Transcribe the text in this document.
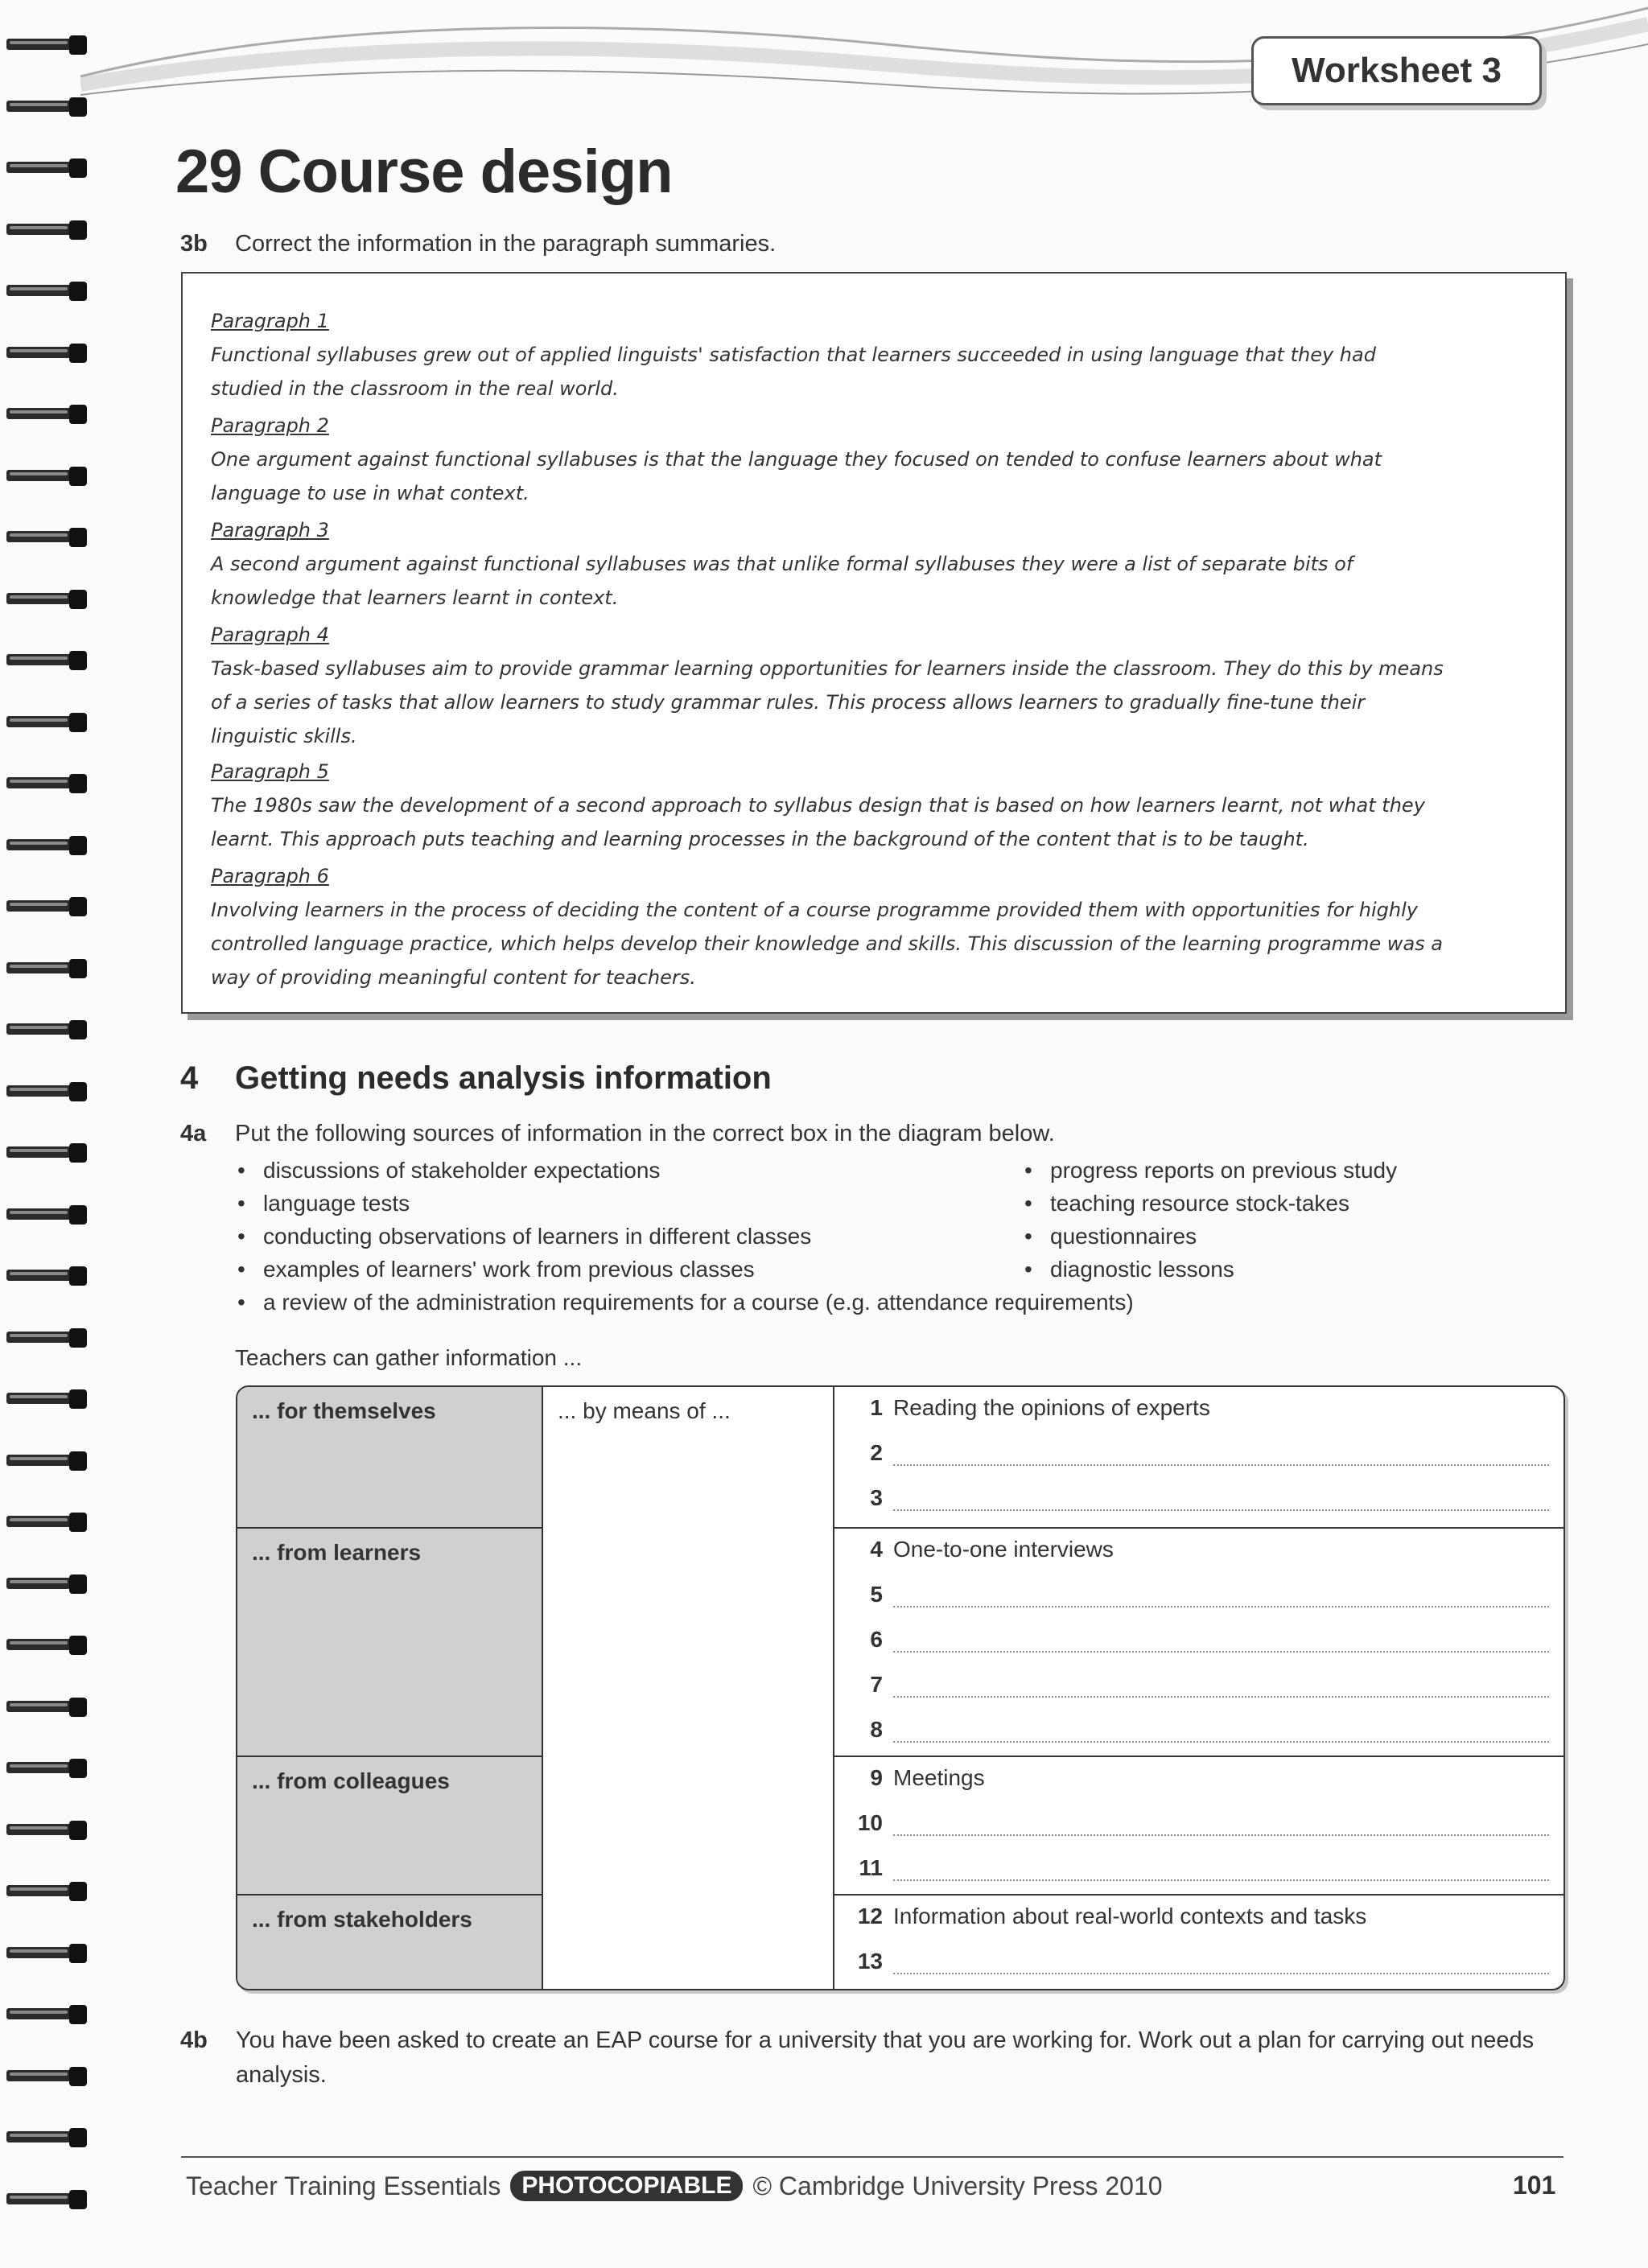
Worksheet 3
29 Course design
3b Correct the information in the paragraph summaries.
Paragraph 1
Functional syllabuses grew out of applied linguists' satisfaction that learners succeeded in using language that they had
studied in the classroom in the real world.
Paragraph 2
One argument against functional syllabuses is that the language they focused on tended to confuse learners about what
language to use in what context.
Paragraph 3
A second argument against functional syllabuses was that unlike formal syllabuses they were a list of separate bits of
knowledge that learners learnt in context.
Paragraph 4
Task-based syllabuses aim to provide grammar learning opportunities for learners inside the classroom. They do this by means
of a series of tasks that allow learners to study grammar rules. This process allows learners to gradually fine-tune their
linguistic skills.
Paragraph 5
The 1980s saw the development of a second approach to syllabus design that is based on how learners learnt, not what they
learnt. This approach puts teaching and learning processes in the background of the content that is to be taught.
Paragraph 6
Involving learners in the process of deciding the content of a course programme provided them with opportunities for highly
controlled language practice, which helps develop their knowledge and skills. This discussion of the learning programme was a
way of providing meaningful content for teachers.
4 Getting needs analysis information
4a Put the following sources of information in the correct box in the diagram below.
• discussions of stakeholder expectations
• language tests
• conducting observations of learners in different classes
• examples of learners' work from previous classes
• a review of the administration requirements for a course (e.g. attendance requirements)
• progress reports on previous study
• teaching resource stock-takes
• questionnaires
• diagnostic lessons
Teachers can gather information ...
... for themselves
... from learners
... from colleagues
... from stakeholders
... by means of ...	1 Reading the opinions of experts
2
3
4 One-to-one interviews
5
6
7
8
9 Meetings
10
11
12 Information about real-world contexts and tasks
13
4b You have been asked to create an EAP course for a university that you are working for. Work out a plan for carrying out needs analysis.
Teacher Training Essentials PHOTOCOPIABLE © Cambridge University Press 2010	101
